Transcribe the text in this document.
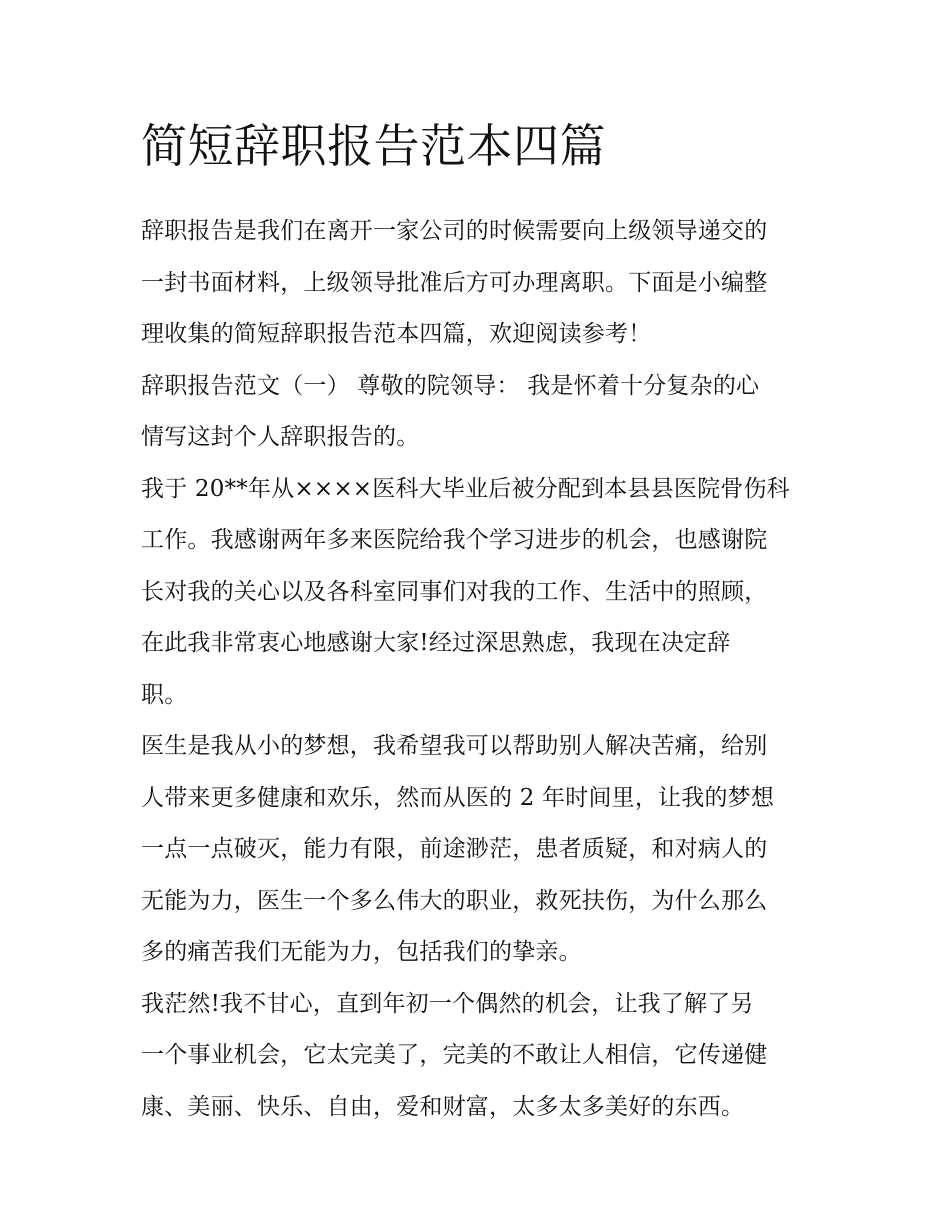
简短辞职报告范本四篇

辞职报告是我们在离开一家公司的时候需要向上级领导递交的
一封书面材料，上级领导批准后方可办理离职。下面是小编整
理收集的简短辞职报告范本四篇，欢迎阅读参考！

辞职报告范文（一） 尊敬的院领导： 我是怀着十分复杂的心
情写这封个人辞职报告的。

我于 20**年从××××医科大毕业后被分配到本县县医院骨伤科
工作。我感谢两年多来医院给我个学习进步的机会，也感谢院
长对我的关心以及各科室同事们对我的工作、生活中的照顾，
在此我非常衷心地感谢大家!经过深思熟虑，我现在决定辞
职。

医生是我从小的梦想，我希望我可以帮助别人解决苦痛，给别
人带来更多健康和欢乐，然而从医的 2 年时间里，让我的梦想
一点一点破灭，能力有限，前途渺茫，患者质疑，和对病人的
无能为力，医生一个多么伟大的职业，救死扶伤，为什么那么
多的痛苦我们无能为力，包括我们的挚亲。

我茫然!我不甘心，直到年初一个偶然的机会，让我了解了另
一个事业机会，它太完美了，完美的不敢让人相信，它传递健
康、美丽、快乐、自由，爱和财富，太多太多美好的东西。
